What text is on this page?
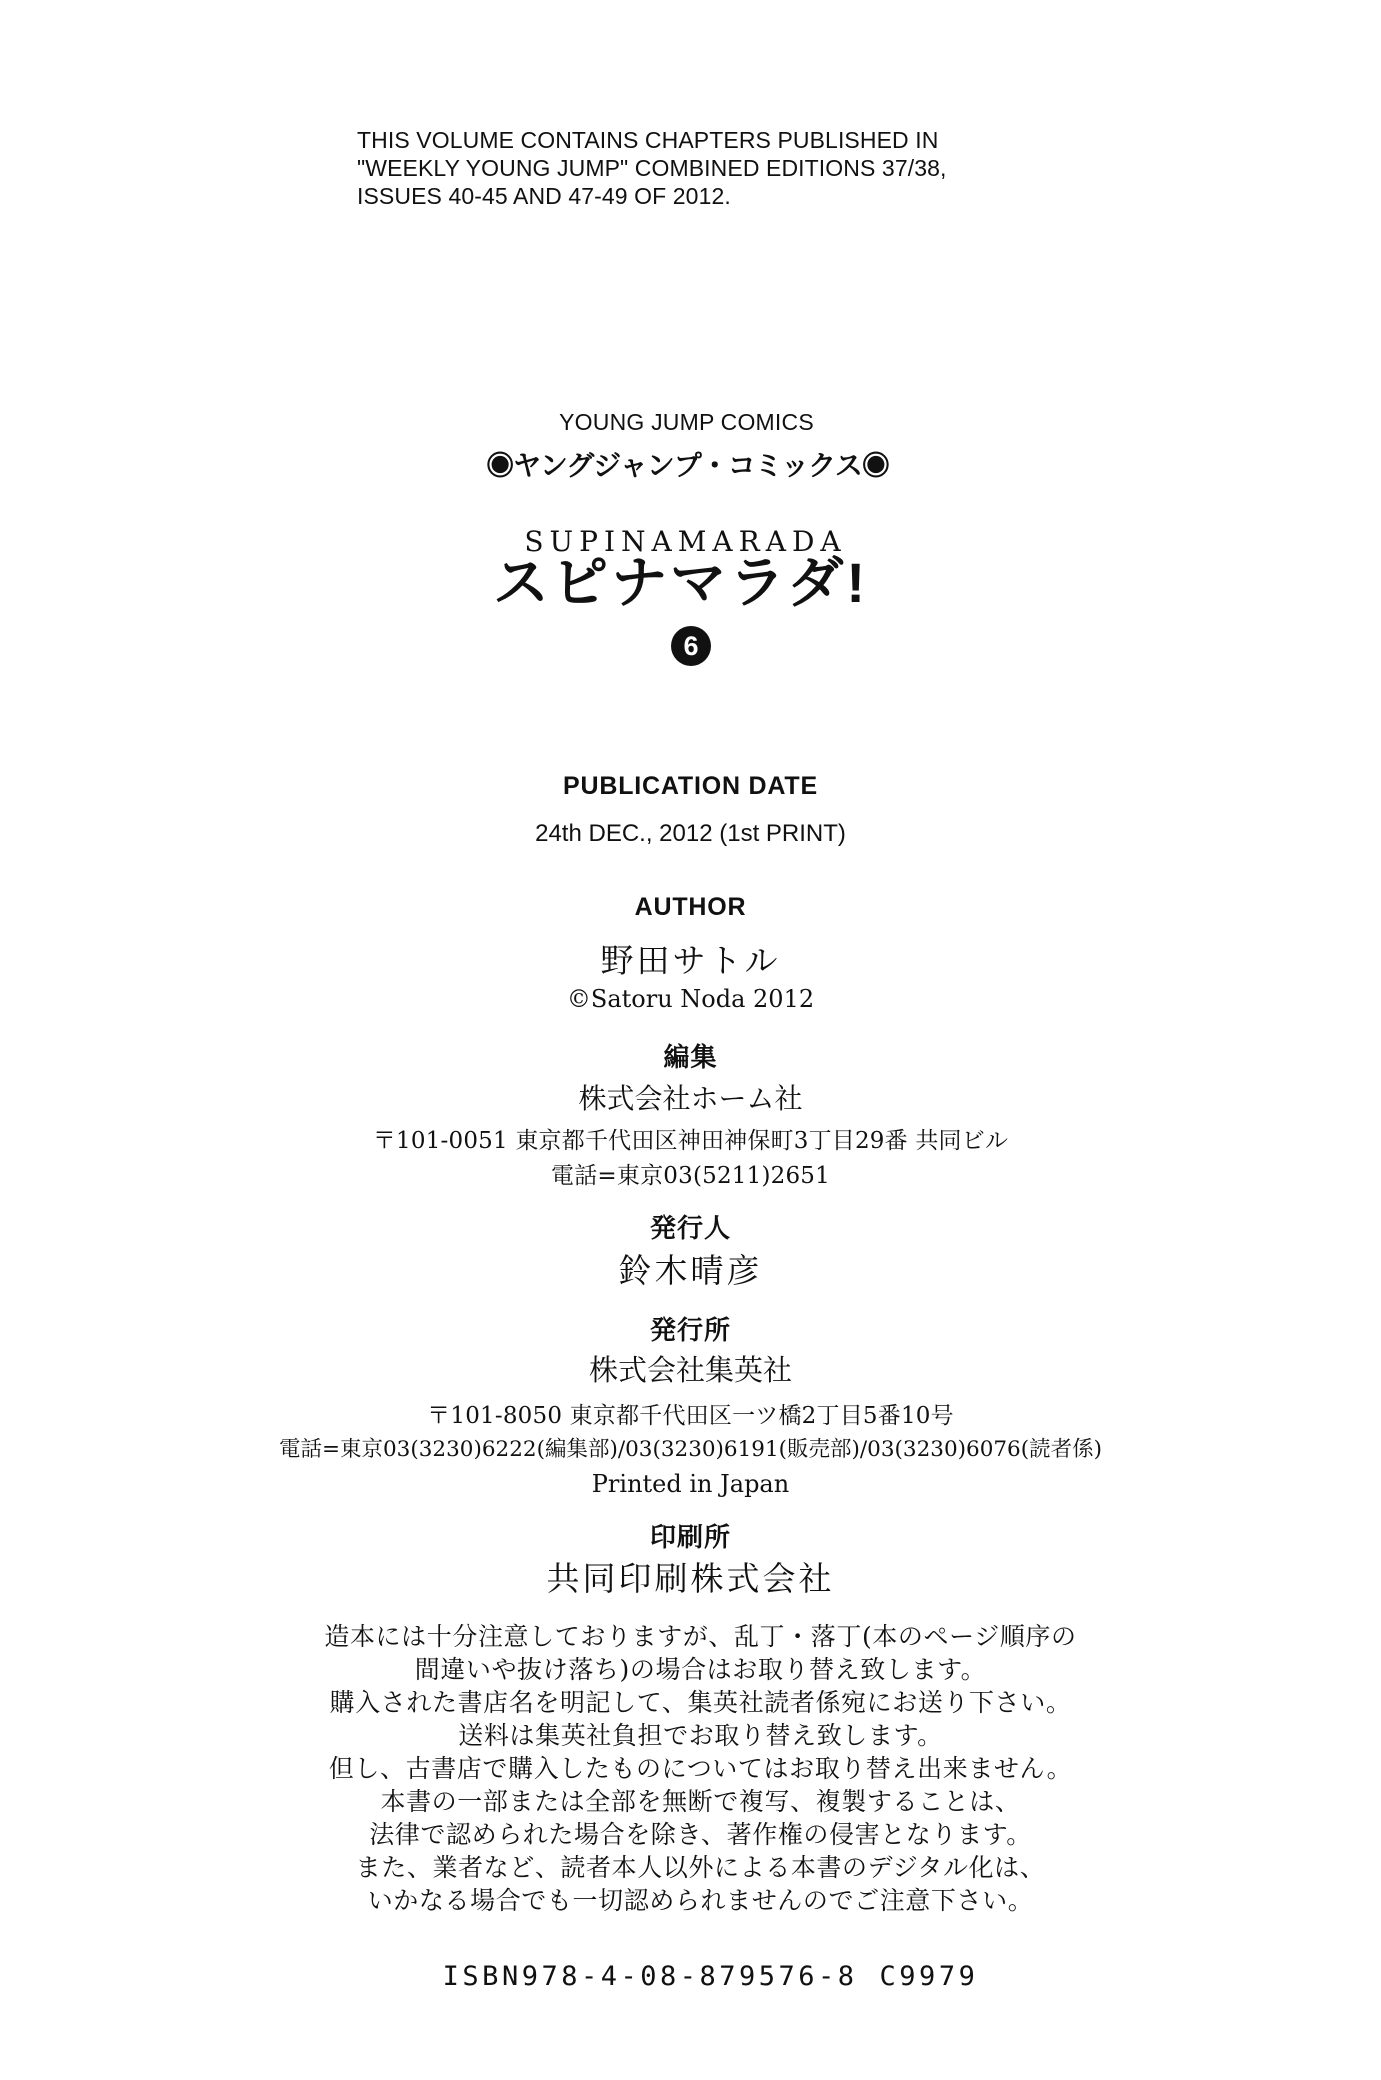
THIS VOLUME CONTAINS CHAPTERS PUBLISHED IN
"WEEKLY YOUNG JUMP" COMBINED EDITIONS 37/38,
ISSUES 40-45 AND 47-49 OF 2012.
YOUNG JUMP COMICS
◉ヤングジャンプ・コミックス◉
SUPINAMARADA
スピナマラダ!
6
PUBLICATION DATE
24th DEC., 2012 (1st PRINT)
AUTHOR
野田サトル
©Satoru Noda 2012
編集
株式会社ホーム社
〒101-0051 東京都千代田区神田神保町3丁目29番 共同ビル
電話=東京03(5211)2651
発行人
鈴木晴彦
発行所
株式会社集英社
〒101-8050 東京都千代田区一ツ橋2丁目5番10号
電話=東京03(3230)6222(編集部)/03(3230)6191(販売部)/03(3230)6076(読者係)
Printed in Japan
印刷所
共同印刷株式会社
造本には十分注意しておりますが、乱丁・落丁(本のページ順序の
間違いや抜け落ち)の場合はお取り替え致します。
購入された書店名を明記して、集英社読者係宛にお送り下さい。
送料は集英社負担でお取り替え致します。
但し、古書店で購入したものについてはお取り替え出来ません。
本書の一部または全部を無断で複写、複製することは、
法律で認められた場合を除き、著作権の侵害となります。
また、業者など、読者本人以外による本書のデジタル化は、
いかなる場合でも一切認められませんのでご注意下さい。
ISBN978-4-08-879576-8 C9979
